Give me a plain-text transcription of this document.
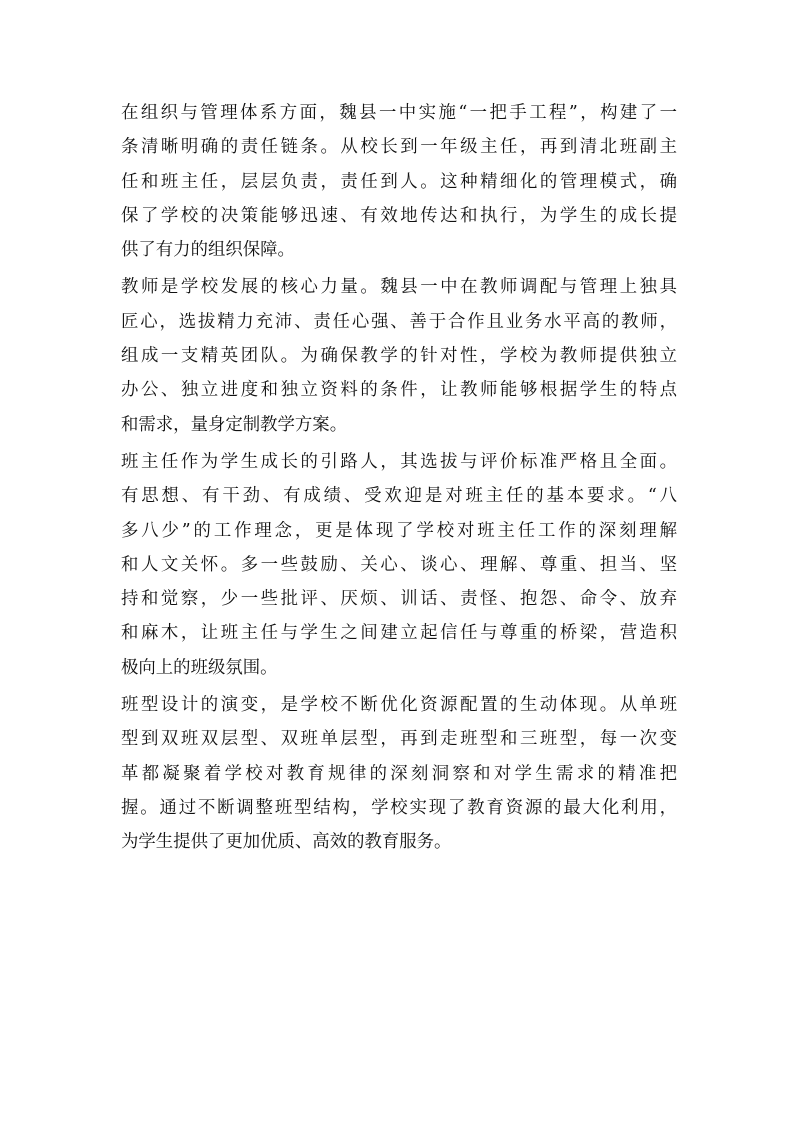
在组织与管理体系方面，魏县一中实施“一把手工程”，构建了一
条清晰明确的责任链条。从校长到一年级主任，再到清北班副主
任和班主任，层层负责，责任到人。这种精细化的管理模式，确
保了学校的决策能够迅速、有效地传达和执行，为学生的成长提
供了有力的组织保障。
教师是学校发展的核心力量。魏县一中在教师调配与管理上独具
匠心，选拔精力充沛、责任心强、善于合作且业务水平高的教师，
组成一支精英团队。为确保教学的针对性，学校为教师提供独立
办公、独立进度和独立资料的条件，让教师能够根据学生的特点
和需求，量身定制教学方案。
班主任作为学生成长的引路人，其选拔与评价标准严格且全面。
有思想、有干劲、有成绩、受欢迎是对班主任的基本要求。“八
多八少”的工作理念，更是体现了学校对班主任工作的深刻理解
和人文关怀。多一些鼓励、关心、谈心、理解、尊重、担当、坚
持和觉察，少一些批评、厌烦、训话、责怪、抱怨、命令、放弃
和麻木，让班主任与学生之间建立起信任与尊重的桥梁，营造积
极向上的班级氛围。
班型设计的演变，是学校不断优化资源配置的生动体现。从单班
型到双班双层型、双班单层型，再到走班型和三班型，每一次变
革都凝聚着学校对教育规律的深刻洞察和对学生需求的精准把
握。通过不断调整班型结构，学校实现了教育资源的最大化利用，
为学生提供了更加优质、高效的教育服务。
